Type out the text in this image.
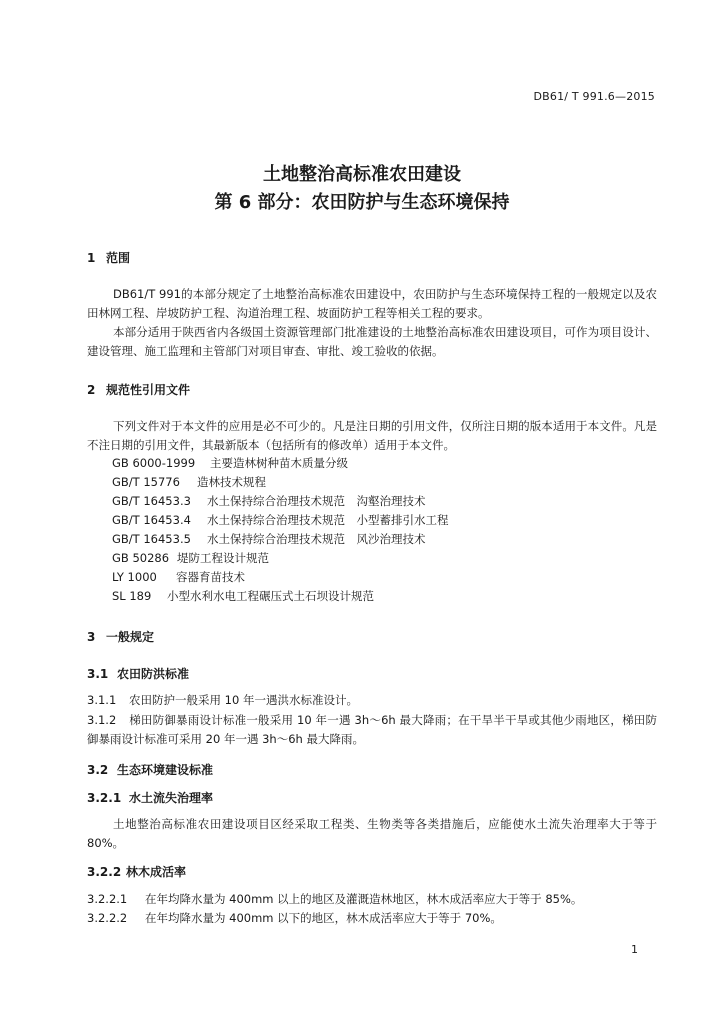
DB61/ T 991.6—2015
土地整治高标准农田建设
第 6 部分：农田防护与生态环境保持
1 范围
DB61/T 991的本部分规定了土地整治高标准农田建设中，农田防护与生态环境保持工程的一般规定以及农田林网工程、岸坡防护工程、沟道治理工程、坡面防护工程等相关工程的要求。
本部分适用于陕西省内各级国土资源管理部门批准建设的土地整治高标准农田建设项目，可作为项目设计、建设管理、施工监理和主管部门对项目审查、审批、竣工验收的依据。
2 规范性引用文件
下列文件对于本文件的应用是必不可少的。凡是注日期的引用文件，仅所注日期的版本适用于本文件。凡是不注日期的引用文件，其最新版本（包括所有的修改单）适用于本文件。
GB 6000-1999 主要造林树种苗木质量分级
GB/T 15776 造林技术规程
GB/T 16453.3 水土保持综合治理技术规范　沟壑治理技术
GB/T 16453.4 水土保持综合治理技术规范　小型蓄排引水工程
GB/T 16453.5 水土保持综合治理技术规范　风沙治理技术
GB 50286 堤防工程设计规范
LY 1000 容器育苗技术
SL 189 小型水利水电工程碾压式土石坝设计规范
3 一般规定
3.1 农田防洪标准
3.1.1 农田防护一般采用 10 年一遇洪水标准设计。
3.1.2 梯田防御暴雨设计标准一般采用 10 年一遇 3h～6h 最大降雨；在干旱半干旱或其他少雨地区，梯田防御暴雨设计标准可采用 20 年一遇 3h～6h 最大降雨。
3.2 生态环境建设标准
3.2.1 水土流失治理率
土地整治高标准农田建设项目区经采取工程类、生物类等各类措施后，应能使水土流失治理率大于等于80%。
3.2.2 林木成活率
3.2.2.1 在年均降水量为 400mm 以上的地区及灌溉造林地区，林木成活率应大于等于 85%。
3.2.2.2 在年均降水量为 400mm 以下的地区，林木成活率应大于等于 70%。
1
